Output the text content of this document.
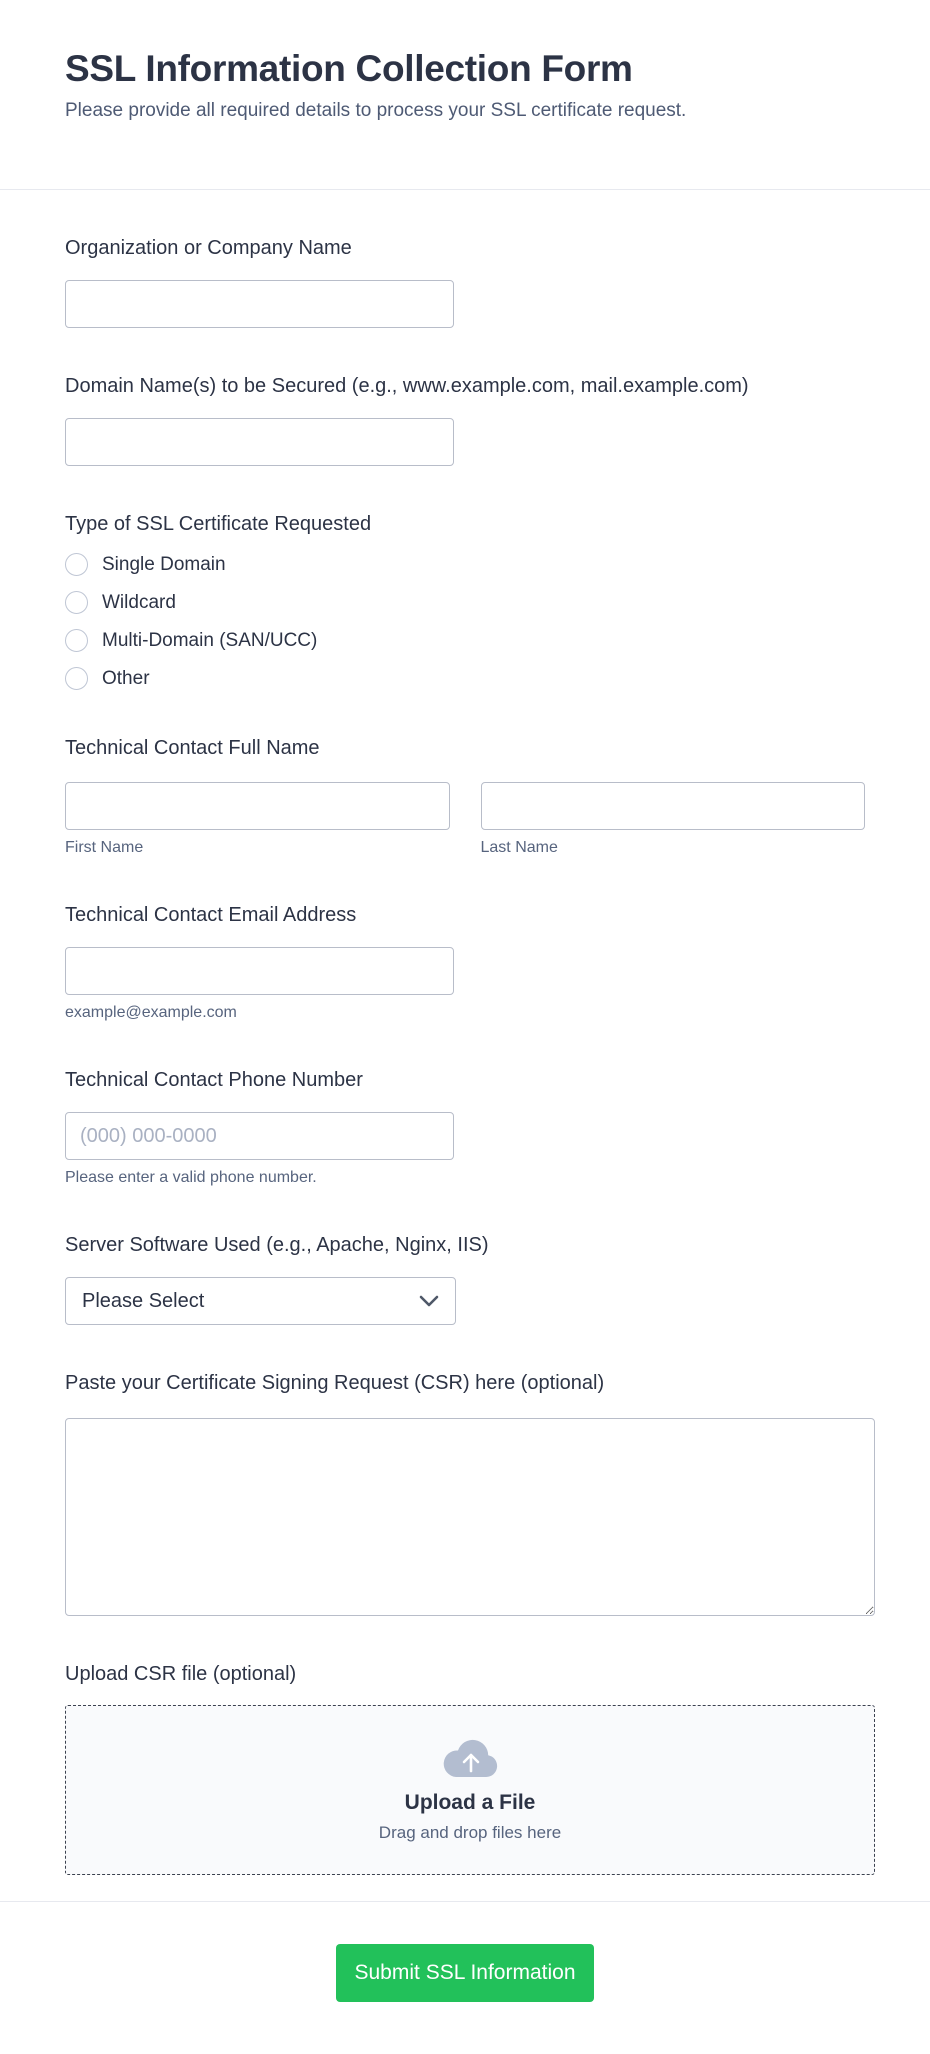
SSL Information Collection Form
Please provide all required details to process your SSL certificate request.
Organization or Company Name
Domain Name(s) to be Secured (e.g., www.example.com, mail.example.com)
Type of SSL Certificate Requested
Single Domain
Wildcard
Multi-Domain (SAN/UCC)
Other
Technical Contact Full Name
First Name	Last Name
Technical Contact Email Address
example@example.com
Technical Contact Phone Number
(000) 000-0000
Please enter a valid phone number.
Server Software Used (e.g., Apache, Nginx, IIS)
Please Select
Paste your Certificate Signing Request (CSR) here (optional)
Upload CSR file (optional)
Upload a File
Drag and drop files here
Submit SSL Information
